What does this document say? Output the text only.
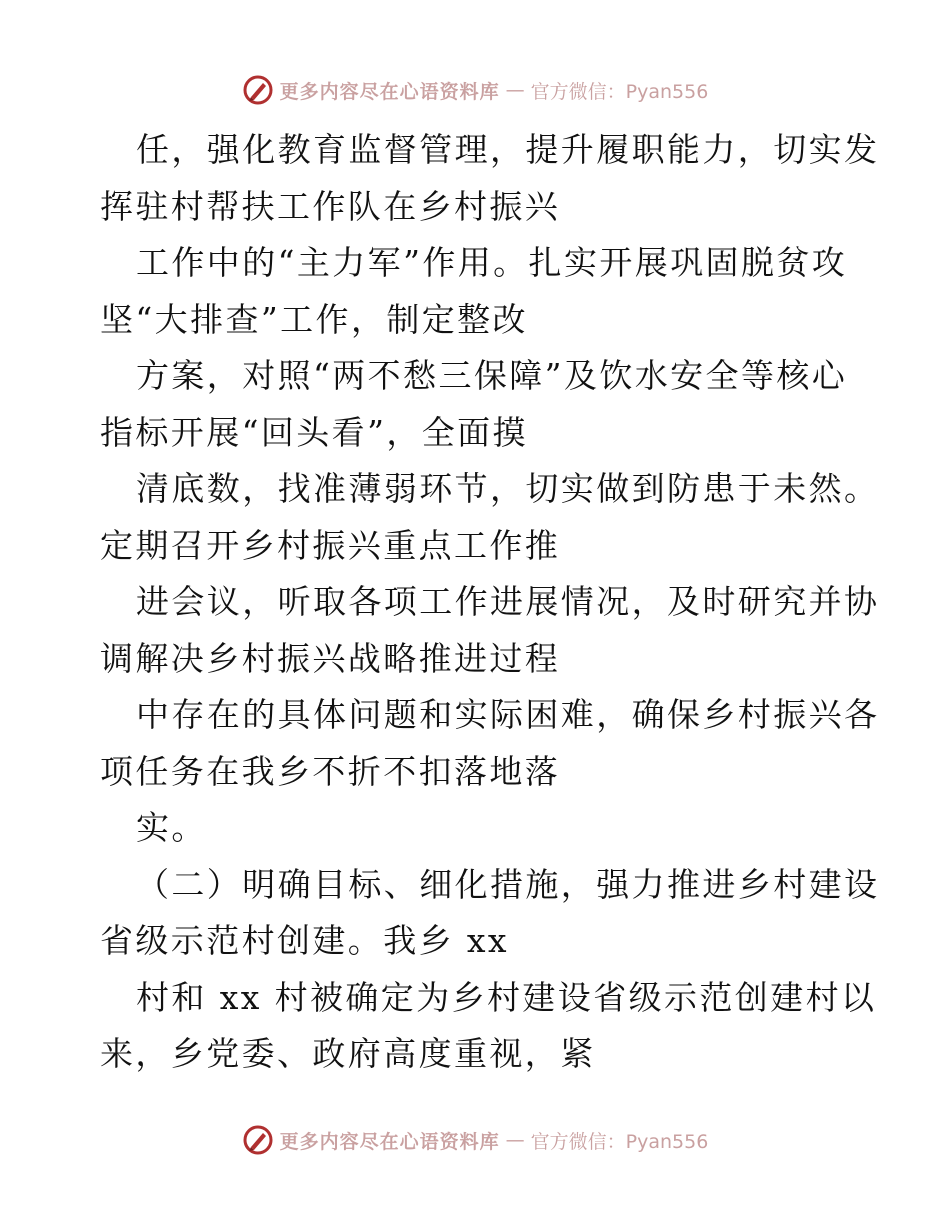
更多内容尽在心语资料库 — 官方微信：Pyan556
任，强化教育监督管理，提升履职能力，切实发
挥驻村帮扶工作队在乡村振兴
工作中的“主力军”作用。扎实开展巩固脱贫攻
坚“大排查”工作，制定整改
方案，对照“两不愁三保障”及饮水安全等核心
指标开展“回头看”，全面摸
清底数，找准薄弱环节，切实做到防患于未然。
定期召开乡村振兴重点工作推
进会议，听取各项工作进展情况，及时研究并协
调解决乡村振兴战略推进过程
中存在的具体问题和实际困难，确保乡村振兴各
项任务在我乡不折不扣落地落
实。
（二）明确目标、细化措施，强力推进乡村建设
省级示范村创建。我乡 xx
村和 xx 村被确定为乡村建设省级示范创建村以
来，乡党委、政府高度重视，紧
更多内容尽在心语资料库 — 官方微信：Pyan556
